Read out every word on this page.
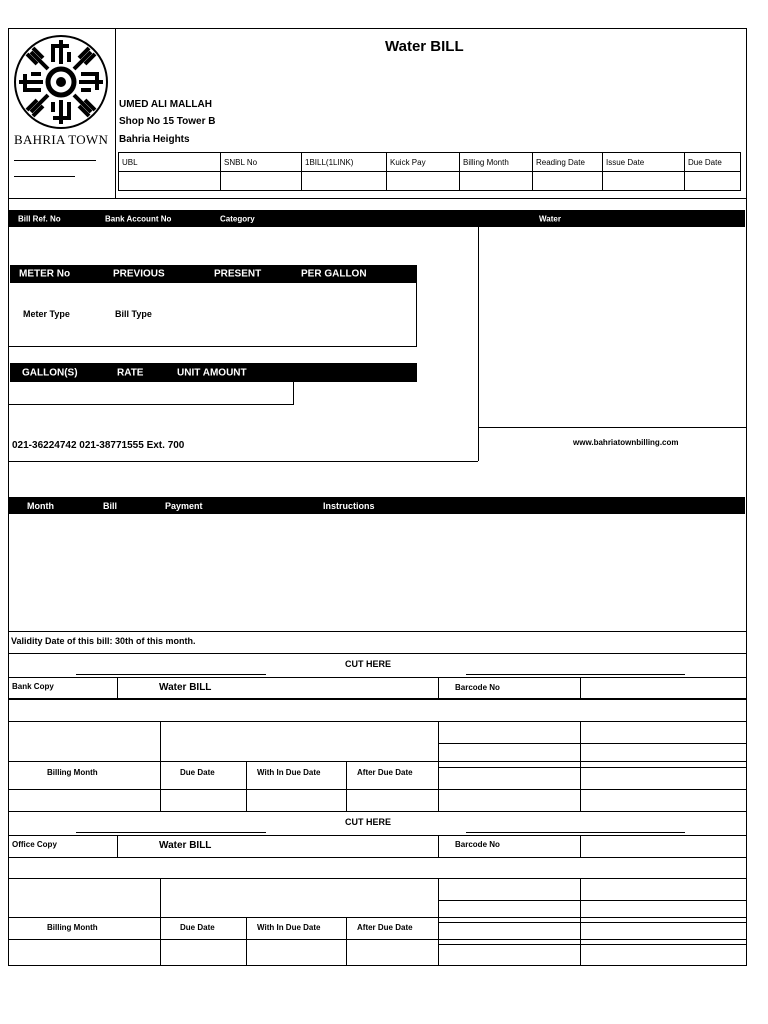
BAHRIA TOWN
Water BILL
UMED ALI MALLAH
Shop No 15 Tower B
Bahria Heights
UBL	SNBL No	1BILL(1LINK)	Kuick Pay	Billing Month	Reading Date	Issue Date	Due Date

Bill Ref. No	Bank Account No	Category	Water
METER No	PREVIOUS	PRESENT	PER GALLON
Meter Type	Bill Type
GALLON(S)	RATE	UNIT AMOUNT
021-36224742 021-38771555 Ext. 700	www.bahriatownbilling.com
Month	Bill	Payment	Instructions
Validity Date of this bill: 30th of this month.
CUT HERE
Bank Copy	Water BILL	Barcode No
Billing Month	Due Date	With In Due Date	After Due Date
CUT HERE
Office Copy	Water BILL	Barcode No
Billing Month	Due Date	With In Due Date	After Due Date
